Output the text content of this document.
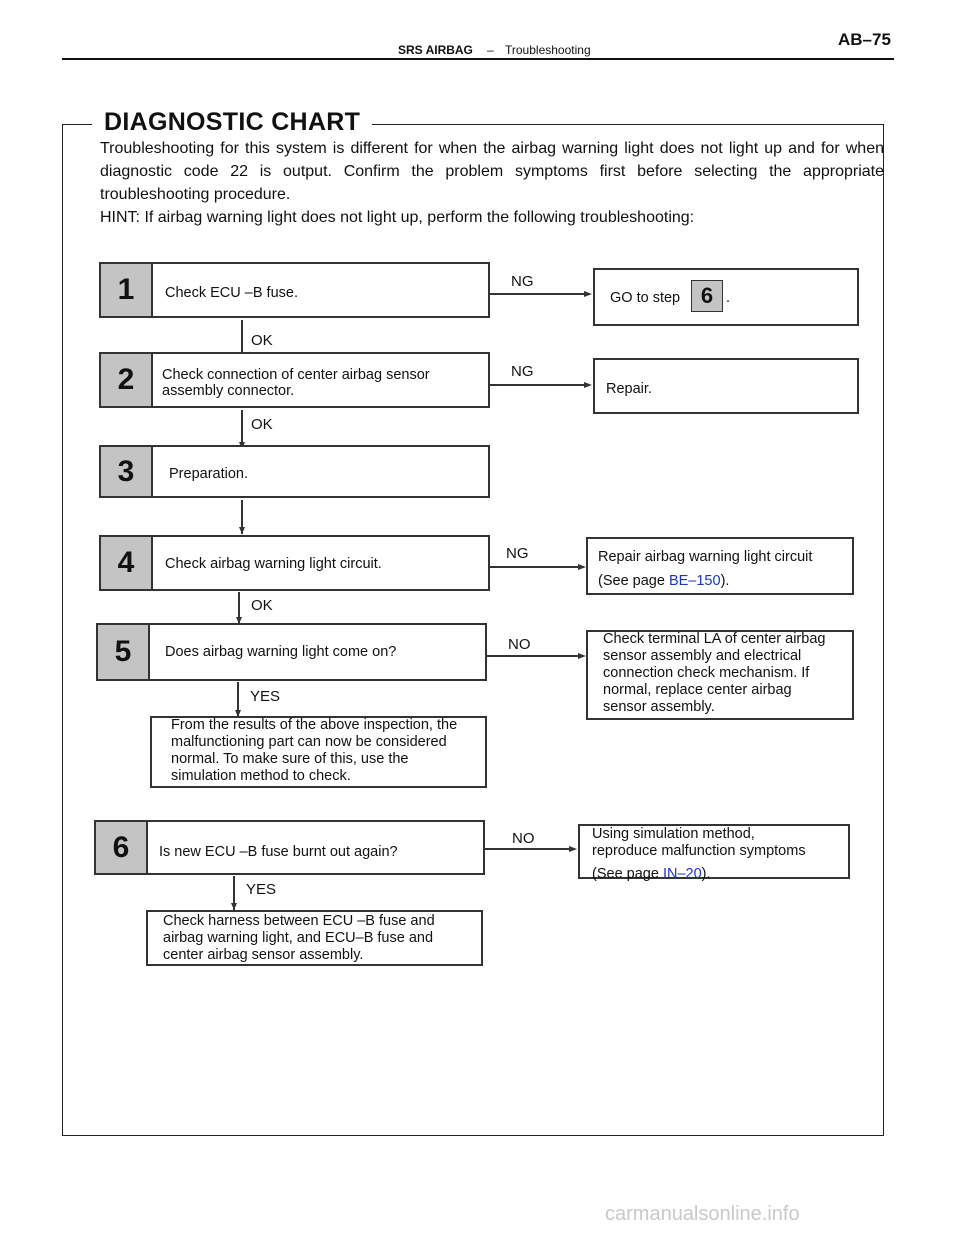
SRS AIRBAG – Troubleshooting
AB–75
DIAGNOSTIC CHART

Troubleshooting for this system is different for when the airbag warning light does not light up and for when diagnostic code 22 is output. Confirm the problem symptoms first before selecting the appropriate troubleshooting procedure.

HINT: If airbag warning light does not light up, perform the following troubleshooting:

1	Check ECU –B fuse.
NG
GO to step 6 .
OK
2	Check connection of center airbag sensor assembly connector.
NG
Repair.
OK
3	Preparation.
4	Check airbag warning light circuit.
NG	Repair airbag warning light circuit
(See page BE–150).
OK
5	Does airbag warning light come on?	NO	Check terminal LA of center airbag sensor assembly and electrical connection check mechanism. If normal, replace center airbag sensor assembly.
YES
From the results of the above inspection, the malfunctioning part can now be considered normal. To make sure of this, use the simulation method to check.
6	Is new ECU –B fuse burnt out again?
NO	Using simulation method, reproduce malfunction symptoms
(See page IN–20).
YES
Check harness between ECU –B fuse and airbag warning light, and ECU–B fuse and center airbag sensor assembly.
carmanualsonline.info
